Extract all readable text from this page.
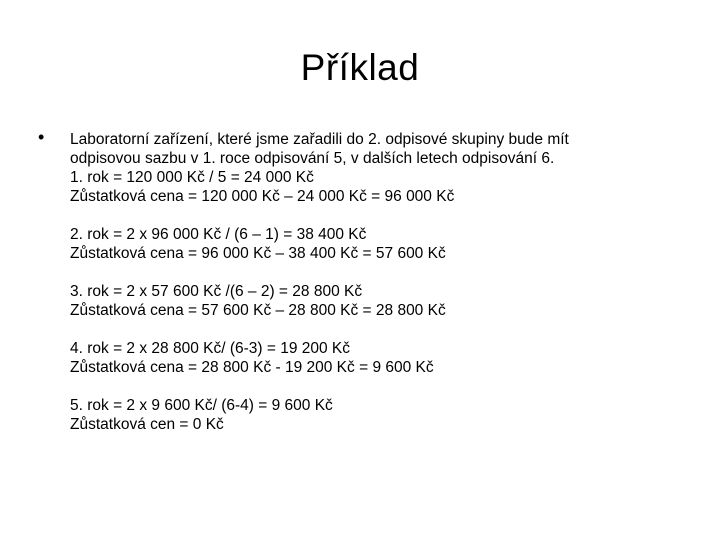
Příklad
• Laboratorní zařízení, které jsme zařadili do 2. odpisové skupiny bude mít
odpisovou sazbu v 1. roce odpisování 5, v dalších letech odpisování 6.
1. rok = 120 000 Kč / 5 = 24 000 Kč
Zůstatková cena = 120 000 Kč – 24 000 Kč = 96 000 Kč
2. rok = 2 x 96 000 Kč / (6 – 1) = 38 400 Kč
Zůstatková cena = 96 000 Kč – 38 400 Kč = 57 600 Kč
3. rok = 2 x 57 600 Kč /(6 – 2) = 28 800 Kč
Zůstatková cena = 57 600 Kč – 28 800 Kč = 28 800 Kč
4. rok = 2 x 28 800 Kč/ (6-3) = 19 200 Kč
Zůstatková cena = 28 800 Kč - 19 200 Kč = 9 600 Kč
5. rok = 2 x 9 600 Kč/ (6-4) = 9 600 Kč
Zůstatková cen = 0 Kč
